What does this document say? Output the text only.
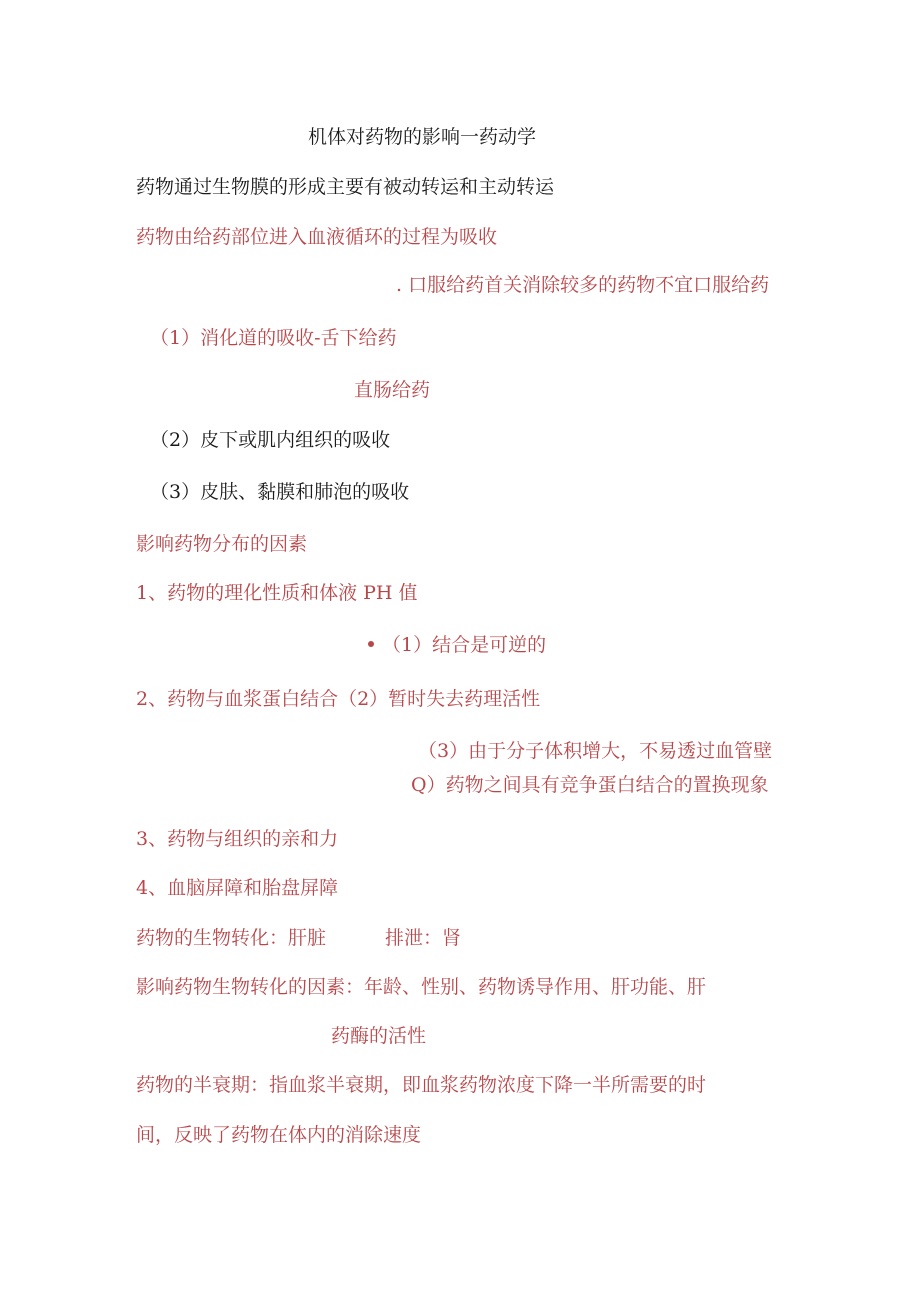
机体对药物的影响一药动学
药物通过生物膜的形成主要有被动转运和主动转运
药物由给药部位进入血液循环的过程为吸收
. 口服给药首关消除较多的药物不宜口服给药
（1）消化道的吸收-舌下给药
直肠给药
（2）皮下或肌内组织的吸收
（3）皮肤、黏膜和肺泡的吸收
影响药物分布的因素
1、药物的理化性质和体液 PH 值
（1）结合是可逆的
2、药物与血浆蛋白结合（2）暂时失去药理活性
（3）由于分子体积增大，不易透过血管壁
Q）药物之间具有竞争蛋白结合的置换现象
3、药物与组织的亲和力
4、血脑屏障和胎盘屏障
药物的生物转化：肝脏	排泄：肾
影响药物生物转化的因素：年龄、性别、药物诱导作用、肝功能、肝
药酶的活性
药物的半衰期：指血浆半衰期，即血浆药物浓度下降一半所需要的时
间，反映了药物在体内的消除速度
